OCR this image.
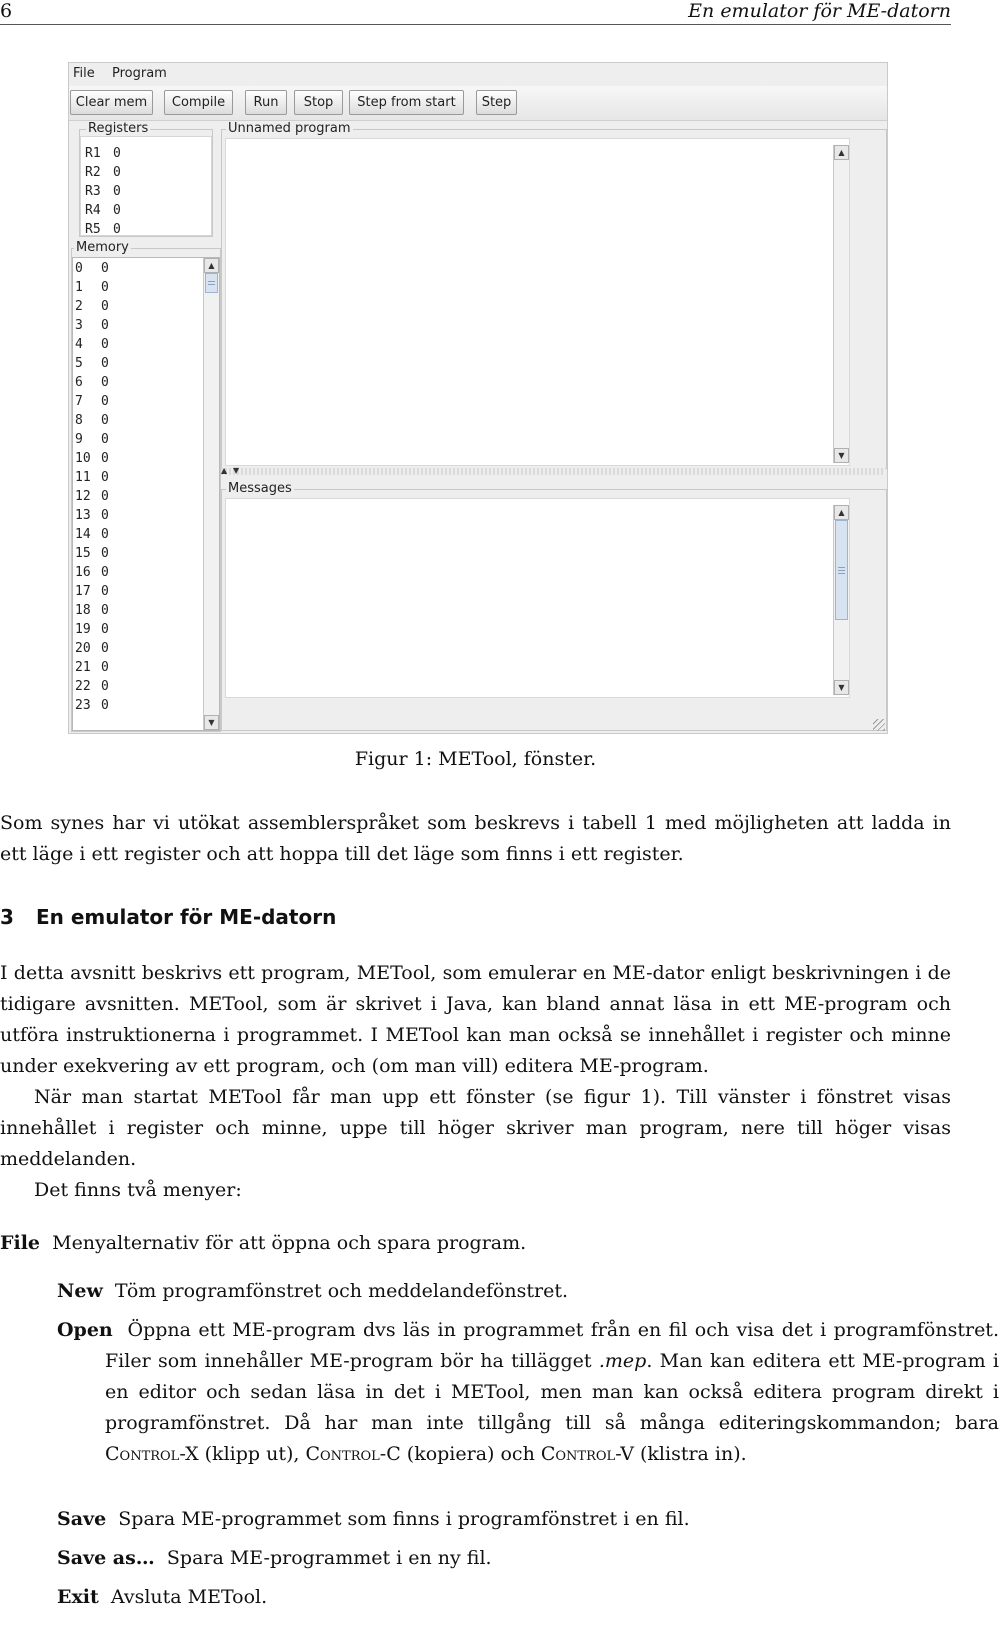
6	En emulator för ME-datorn
File Program
Clear mem	Compile	Run	Stop	Step from start	Step
Registers
R1 0
R2 0
R3 0
R4 0
R5 0
Memory
0 0
1 0
2 0
3 0
4 0
5 0
6 0
7 0
8 0
9 0
10 0
11 0
12 0
13 0
14 0
15 0
16 0
17 0
18 0
19 0
20 0
21 0
22 0
23 0
▲
▼
Unnamed program
▲
▼
▲ ▼
Messages
▲
▼
Figur 1: METool, fönster.

Som synes har vi utökat assemblerspråket som beskrevs i tabell 1 med möjligheten att ladda in ett läge i ett register och att hoppa till det läge som finns i ett register.

3 En emulator för ME-datorn

I detta avsnitt beskrivs ett program, METool, som emulerar en ME-dator enligt beskrivningen i de tidigare avsnitten. METool, som är skrivet i Java, kan bland annat läsa in ett ME-program och utföra instruktionerna i programmet. I METool kan man också se innehållet i register och minne under exekvering av ett program, och (om man vill) editera ME-program.

När man startat METool får man upp ett fönster (se figur 1). Till vänster i fönstret visas innehållet i register och minne, uppe till höger skriver man program, nere till höger visas meddelanden.

Det finns två menyer:

File Menyalternativ för att öppna och spara program.

New Töm programfönstret och meddelandefönstret.

Open Öppna ett ME-program dvs läs in programmet från en fil och visa det i programfönstret. Filer som innehåller ME-program bör ha tillägget .mep. Man kan editera ett ME-program i en editor och sedan läsa in det i METool, men man kan också editera program direkt i programfönstret. Då har man inte tillgång till så många editeringskommandon; bara Control-X (klipp ut), Control-C (kopiera) och Control-V (klistra in).

Save Spara ME-programmet som finns i programfönstret i en fil.

Save as… Spara ME-programmet i en ny fil.

Exit Avsluta METool.
